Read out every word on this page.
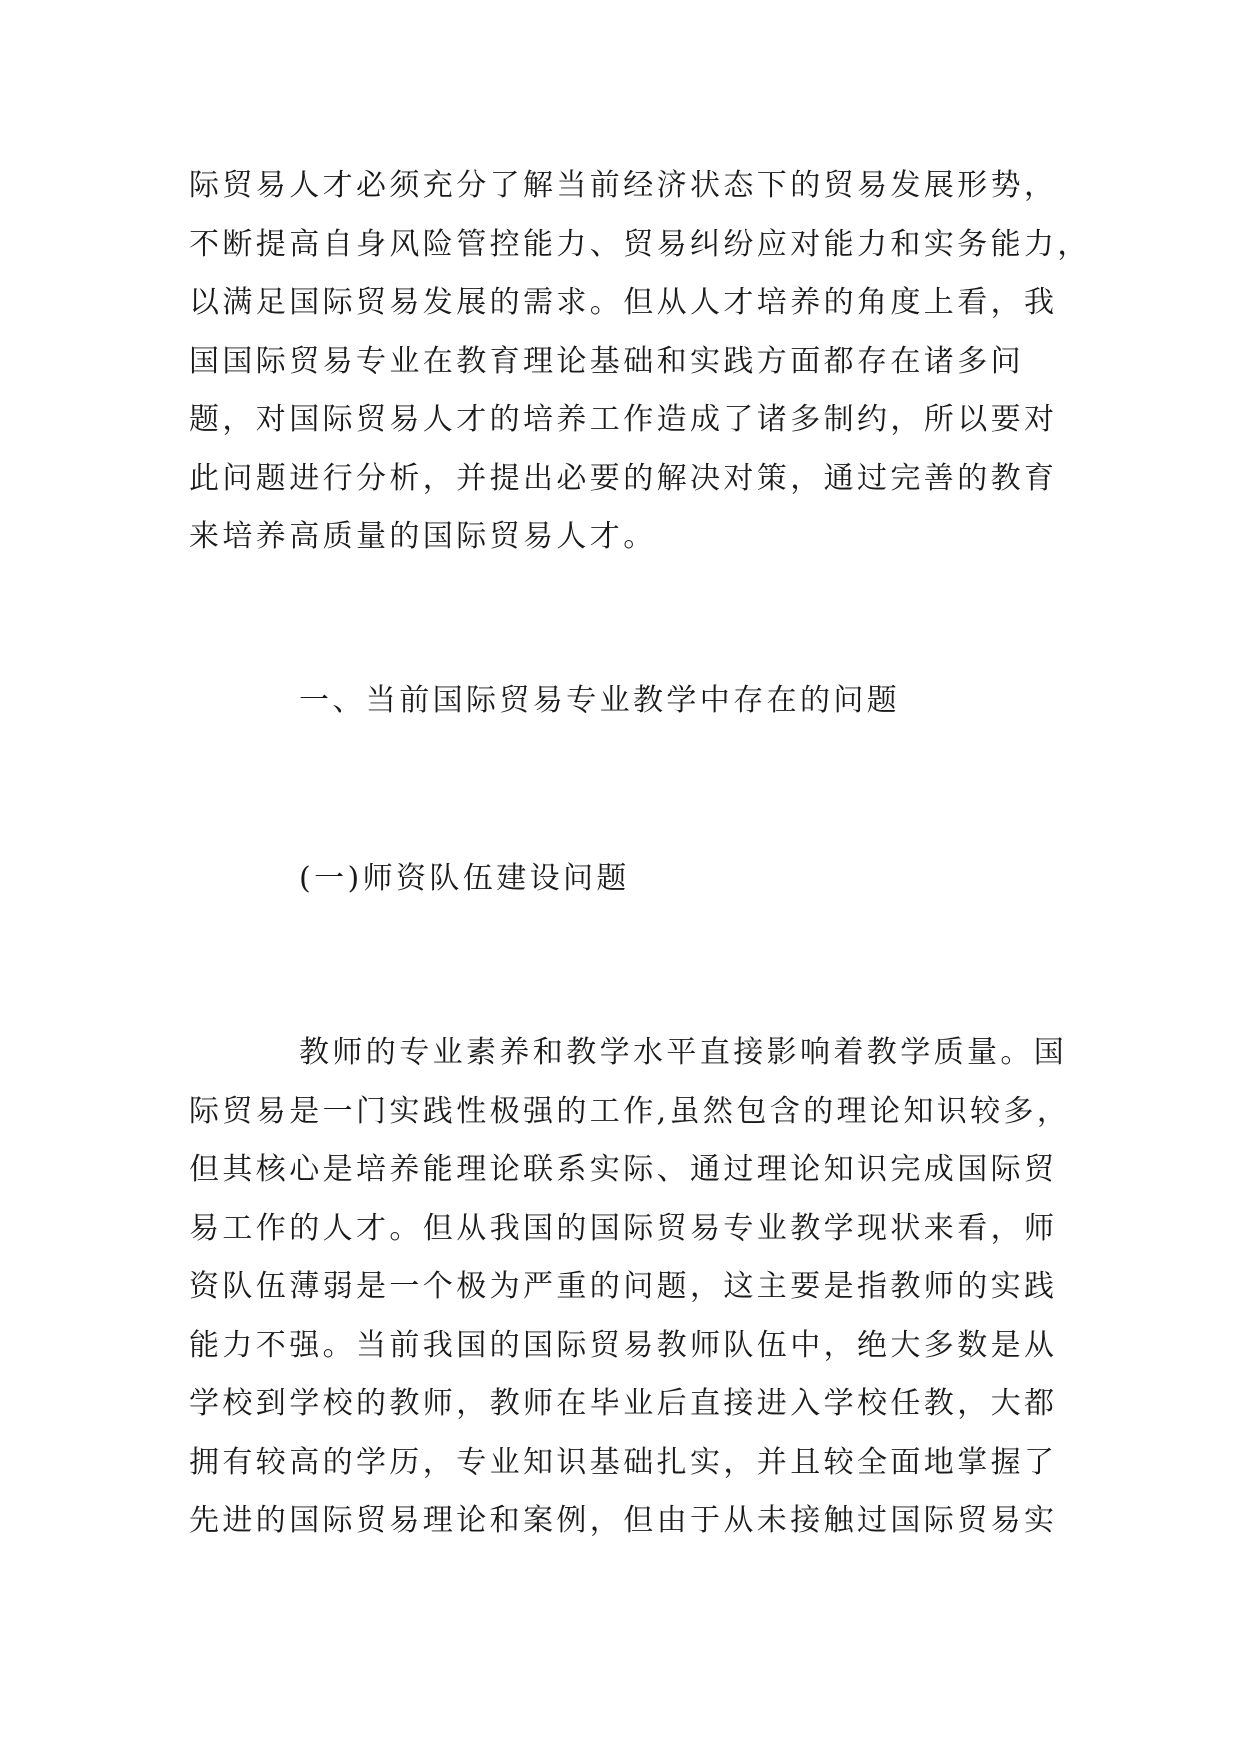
际贸易人才必须充分了解当前经济状态下的贸易发展形势，
不断提高自身风险管控能力、贸易纠纷应对能力和实务能力，
以满足国际贸易发展的需求。但从人才培养的角度上看，我
国国际贸易专业在教育理论基础和实践方面都存在诸多问
题，对国际贸易人才的培养工作造成了诸多制约，所以要对
此问题进行分析，并提出必要的解决对策，通过完善的教育
来培养高质量的国际贸易人才。
一、当前国际贸易专业教学中存在的问题
(一)师资队伍建设问题
教师的专业素养和教学水平直接影响着教学质量。国
际贸易是一门实践性极强的工作,虽然包含的理论知识较多，
但其核心是培养能理论联系实际、通过理论知识完成国际贸
易工作的人才。但从我国的国际贸易专业教学现状来看，师
资队伍薄弱是一个极为严重的问题，这主要是指教师的实践
能力不强。当前我国的国际贸易教师队伍中，绝大多数是从
学校到学校的教师，教师在毕业后直接进入学校任教，大都
拥有较高的学历，专业知识基础扎实，并且较全面地掌握了
先进的国际贸易理论和案例，但由于从未接触过国际贸易实
